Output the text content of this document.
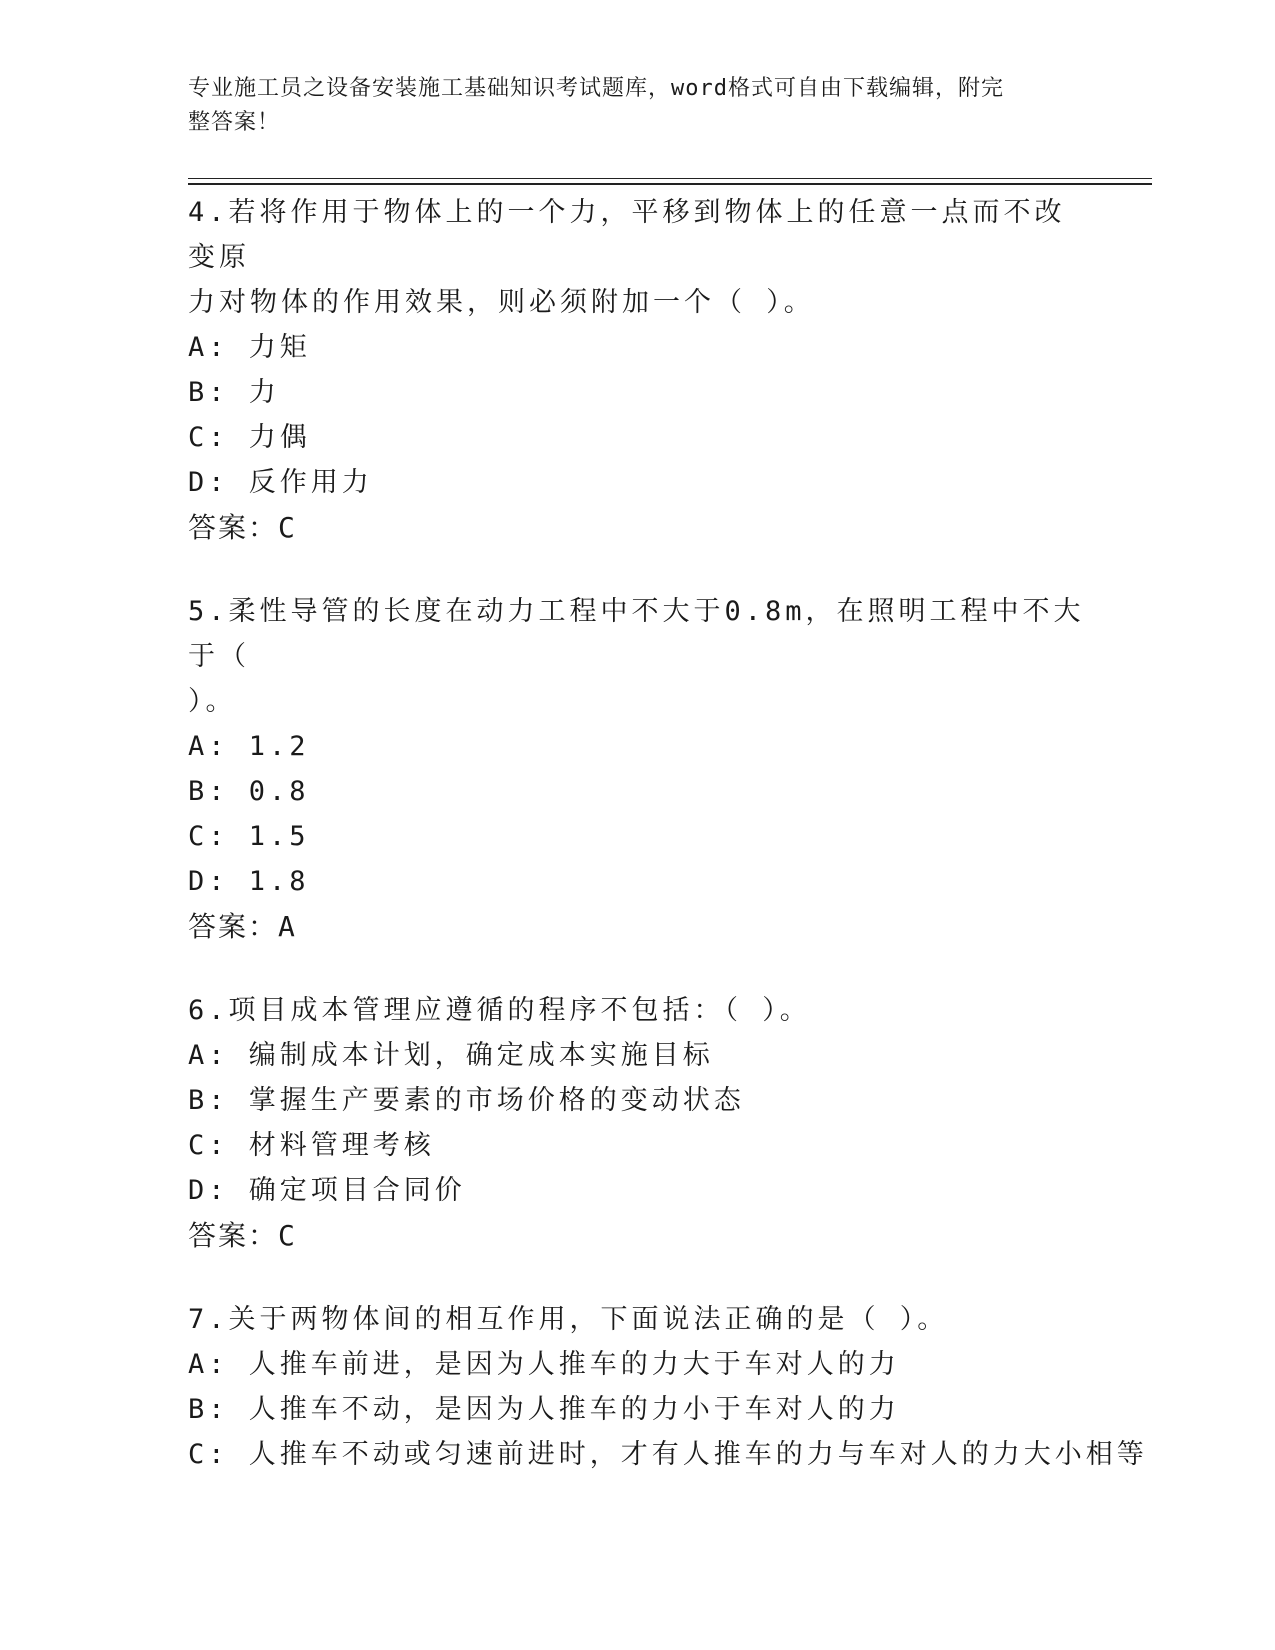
专业施工员之设备安装施工基础知识考试题库，word格式可自由下载编辑，附完
整答案！

4.若将作用于物体上的一个力，平移到物体上的任意一点而不改变原

力对物体的作用效果，则必须附加一个（ ）。

A: 力矩

B: 力

C: 力偶

D: 反作用力

答案：C

5.柔性导管的长度在动力工程中不大于0.8m，在照明工程中不大于（

）。

A: 1.2

B: 0.8

C: 1.5

D: 1.8

答案：A

6.项目成本管理应遵循的程序不包括：（ ）。

A: 编制成本计划，确定成本实施目标

B: 掌握生产要素的市场价格的变动状态

C: 材料管理考核

D: 确定项目合同价

答案：C

7.关于两物体间的相互作用，下面说法正确的是（ ）。

A: 人推车前进，是因为人推车的力大于车对人的力

B: 人推车不动，是因为人推车的力小于车对人的力

C: 人推车不动或匀速前进时，才有人推车的力与车对人的力大小相等
